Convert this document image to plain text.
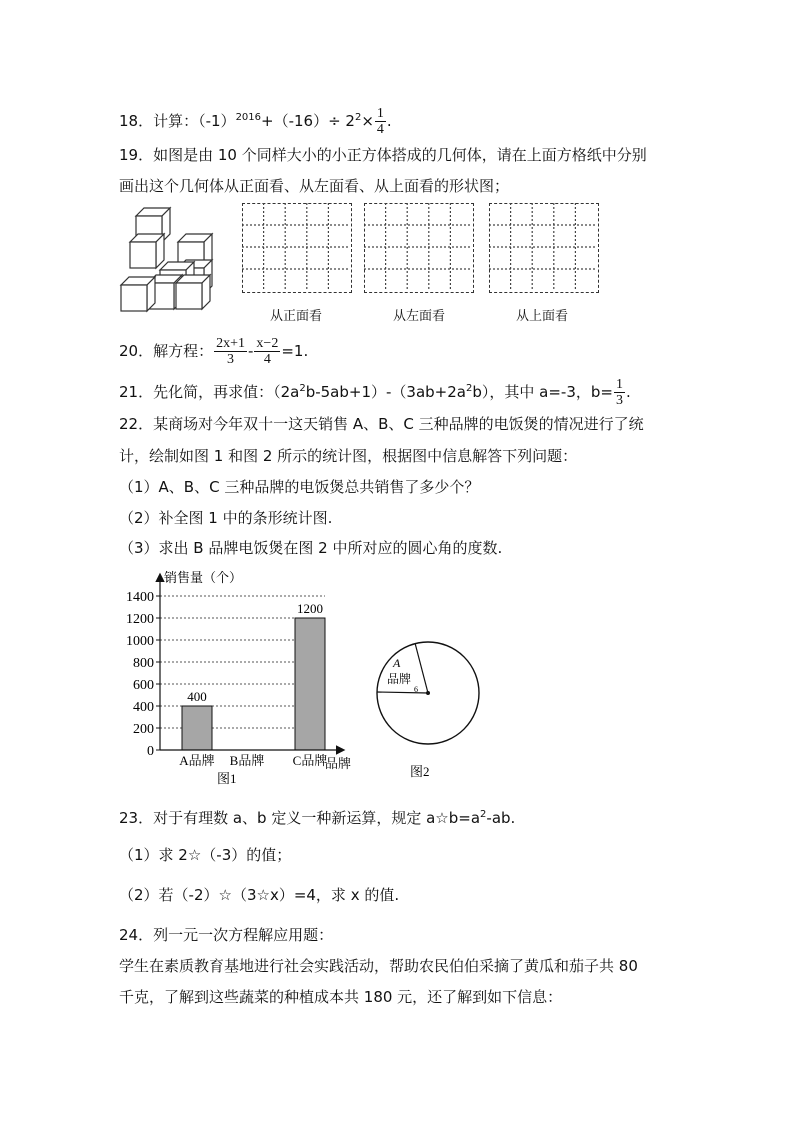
18．计算：$(-1)^{2016}+(-16)\div 2^2\times \frac{1}{4}$ .
19．如图是由 10 个同样大小的小正方体搭成的几何体，请在上面方格纸中分别
画出这个几何体从正面看、从左面看、从上面看的形状图；
从正面看	从左面看	从上面看
20．解方程： $\frac{2x+1}{3} - \frac{x-2}{4} =1$.
21．先化简，再求值：$(2a^2b-5ab+1)-(3ab+2a^2b)$，其中 a=-3，$b= \frac{1}{3}$ .
22．某商场对今年双十一这天销售 A、B、C 三种品牌的电饭煲的情况进行了统
计，绘制如图 1 和图 2 所示的统计图，根据图中信息解答下列问题：
（1）A、B、C 三种品牌的电饭煲总共销售了多少个？
（2）补全图 1 中的条形统计图.
（3）求出 B 品牌电饭煲在图 2 中所对应的圆心角的度数.
0
200
400
600
800
1000
1200
1400
400
A品牌 B品牌
1200
C品牌
销售量（个）
品牌
图1
A
品牌
6
图2
23．对于有理数 a、b 定义一种新运算，规定 $a☆b=a^2-ab$.
（1）求 2☆（-3）的值；
（2）若（-2）☆（3☆x）=4，求 x 的值.
24．列一元一次方程解应用题：
学生在素质教育基地进行社会实践活动，帮助农民伯伯采摘了黄瓜和茄子共 80
千克，了解到这些蔬菜的种植成本共 180 元，还了解到如下信息：
